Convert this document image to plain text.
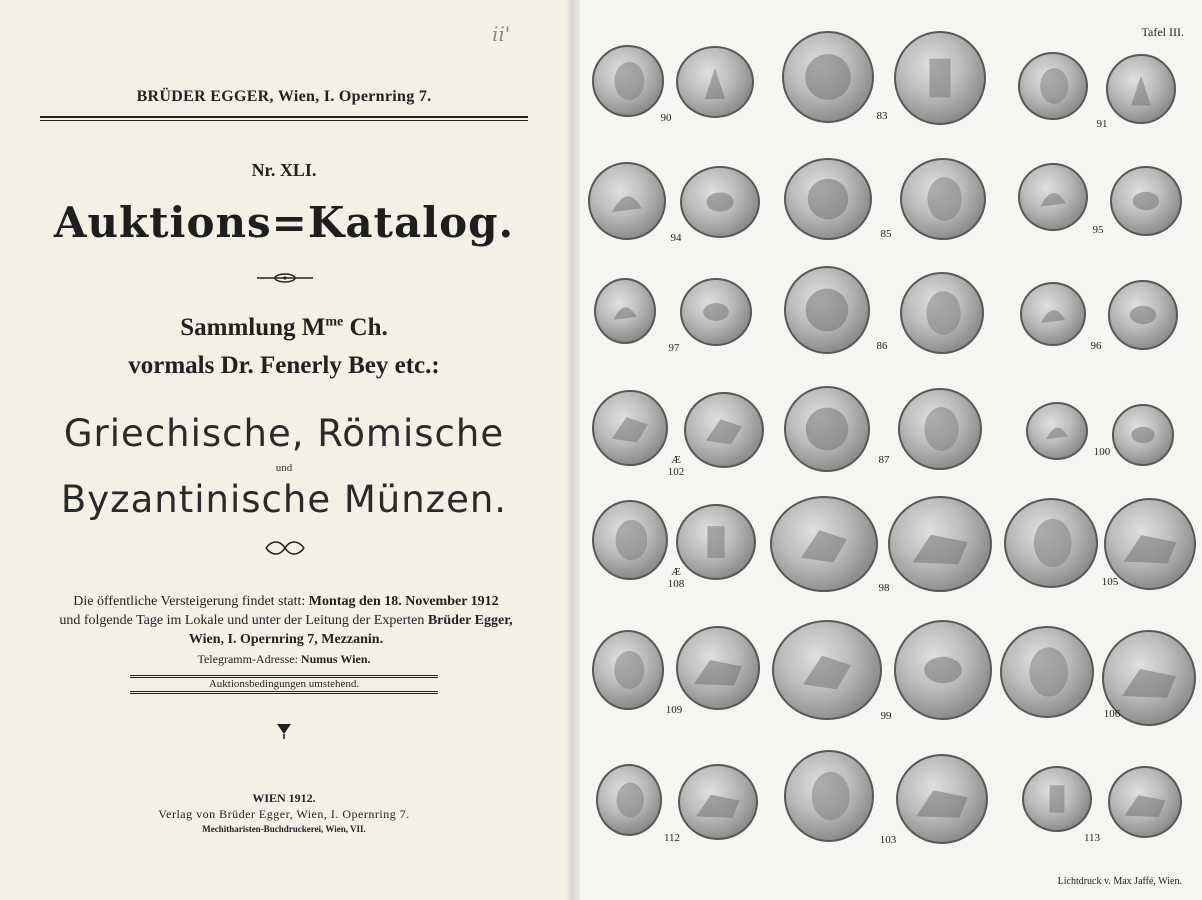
ii'
BRÜDER EGGER, Wien, I. Opernring 7.
Nr. XLI.
Auktions=Katalog.
Sammlung $M^{me}$ Ch.
vormals Dr. Fenerly Bey etc.:
Griechische, Römische
und
Byzantinische Münzen.
Die öffentliche Versteigerung findet statt: Montag den 18. November 1912
und folgende Tage im Lokale und unter der Leitung der Experten Brüder Egger,
Wien, I. Opernring 7, Mezzanin.
Telegramm-Adresse: Numus Wien.
Auktionsbedingungen umstehend.
WIEN 1912.
Verlag von Brüder Egger, Wien, I. Opernring 7.
Mechitharisten-Buchdruckerei, Wien, VII.
Tafel III.
90	83
91
94	85	95
97	86	96
Æ
102
87
100
Æ
108	98	105
109	99	106
112	103	113
Lichtdruck v. Max Jaffé, Wien.
